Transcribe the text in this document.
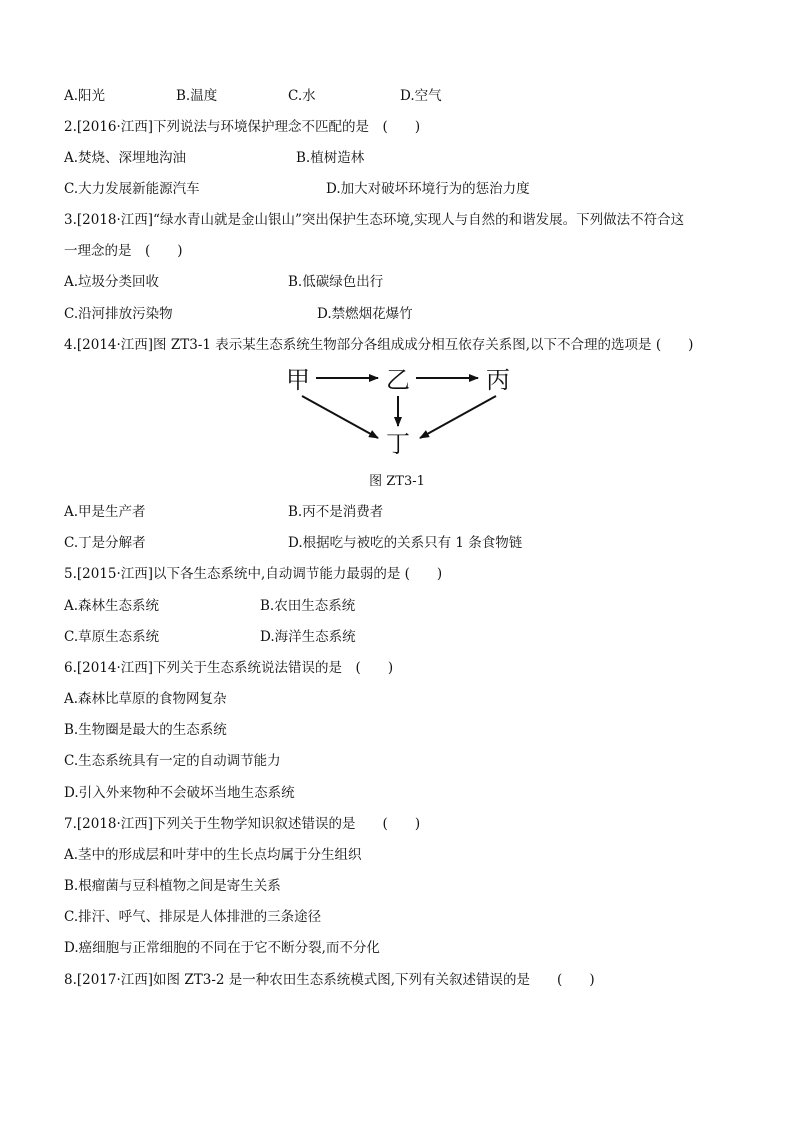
A.阳光	B.温度	C.水	D.空气
2.[2016·江西]下列说法与环境保护理念不匹配的是　(　　)
A.焚烧、深埋地沟油	B.植树造林
C.大力发展新能源汽车	D.加大对破坏环境行为的惩治力度
3.[2018·江西]“绿水青山就是金山银山”突出保护生态环境,实现人与自然的和谐发展。下列做法不符合这
一理念的是　(　　)
A.垃圾分类回收	B.低碳绿色出行
C.沿河排放污染物	D.禁燃烟花爆竹
4.[2014·江西]图 ZT3-1 表示某生态系统生物部分各组成成分相互依存关系图,以下不合理的选项是 (　　)
甲	乙	丙
丁
图 ZT3-1
A.甲是生产者	B.丙不是消费者
C.丁是分解者	D.根据吃与被吃的关系只有 1 条食物链
5.[2015·江西]以下各生态系统中,自动调节能力最弱的是 (　　)
A.森林生态系统	B.农田生态系统
C.草原生态系统	D.海洋生态系统
6.[2014·江西]下列关于生态系统说法错误的是　(　　)
A.森林比草原的食物网复杂
B.生物圈是最大的生态系统
C.生态系统具有一定的自动调节能力
D.引入外来物种不会破坏当地生态系统
7.[2018·江西]下列关于生物学知识叙述错误的是　　(　　)
A.茎中的形成层和叶芽中的生长点均属于分生组织
B.根瘤菌与豆科植物之间是寄生关系
C.排汗、呼气、排尿是人体排泄的三条途径
D.癌细胞与正常细胞的不同在于它不断分裂,而不分化
8.[2017·江西]如图 ZT3-2 是一种农田生态系统模式图,下列有关叙述错误的是　　(　　)
